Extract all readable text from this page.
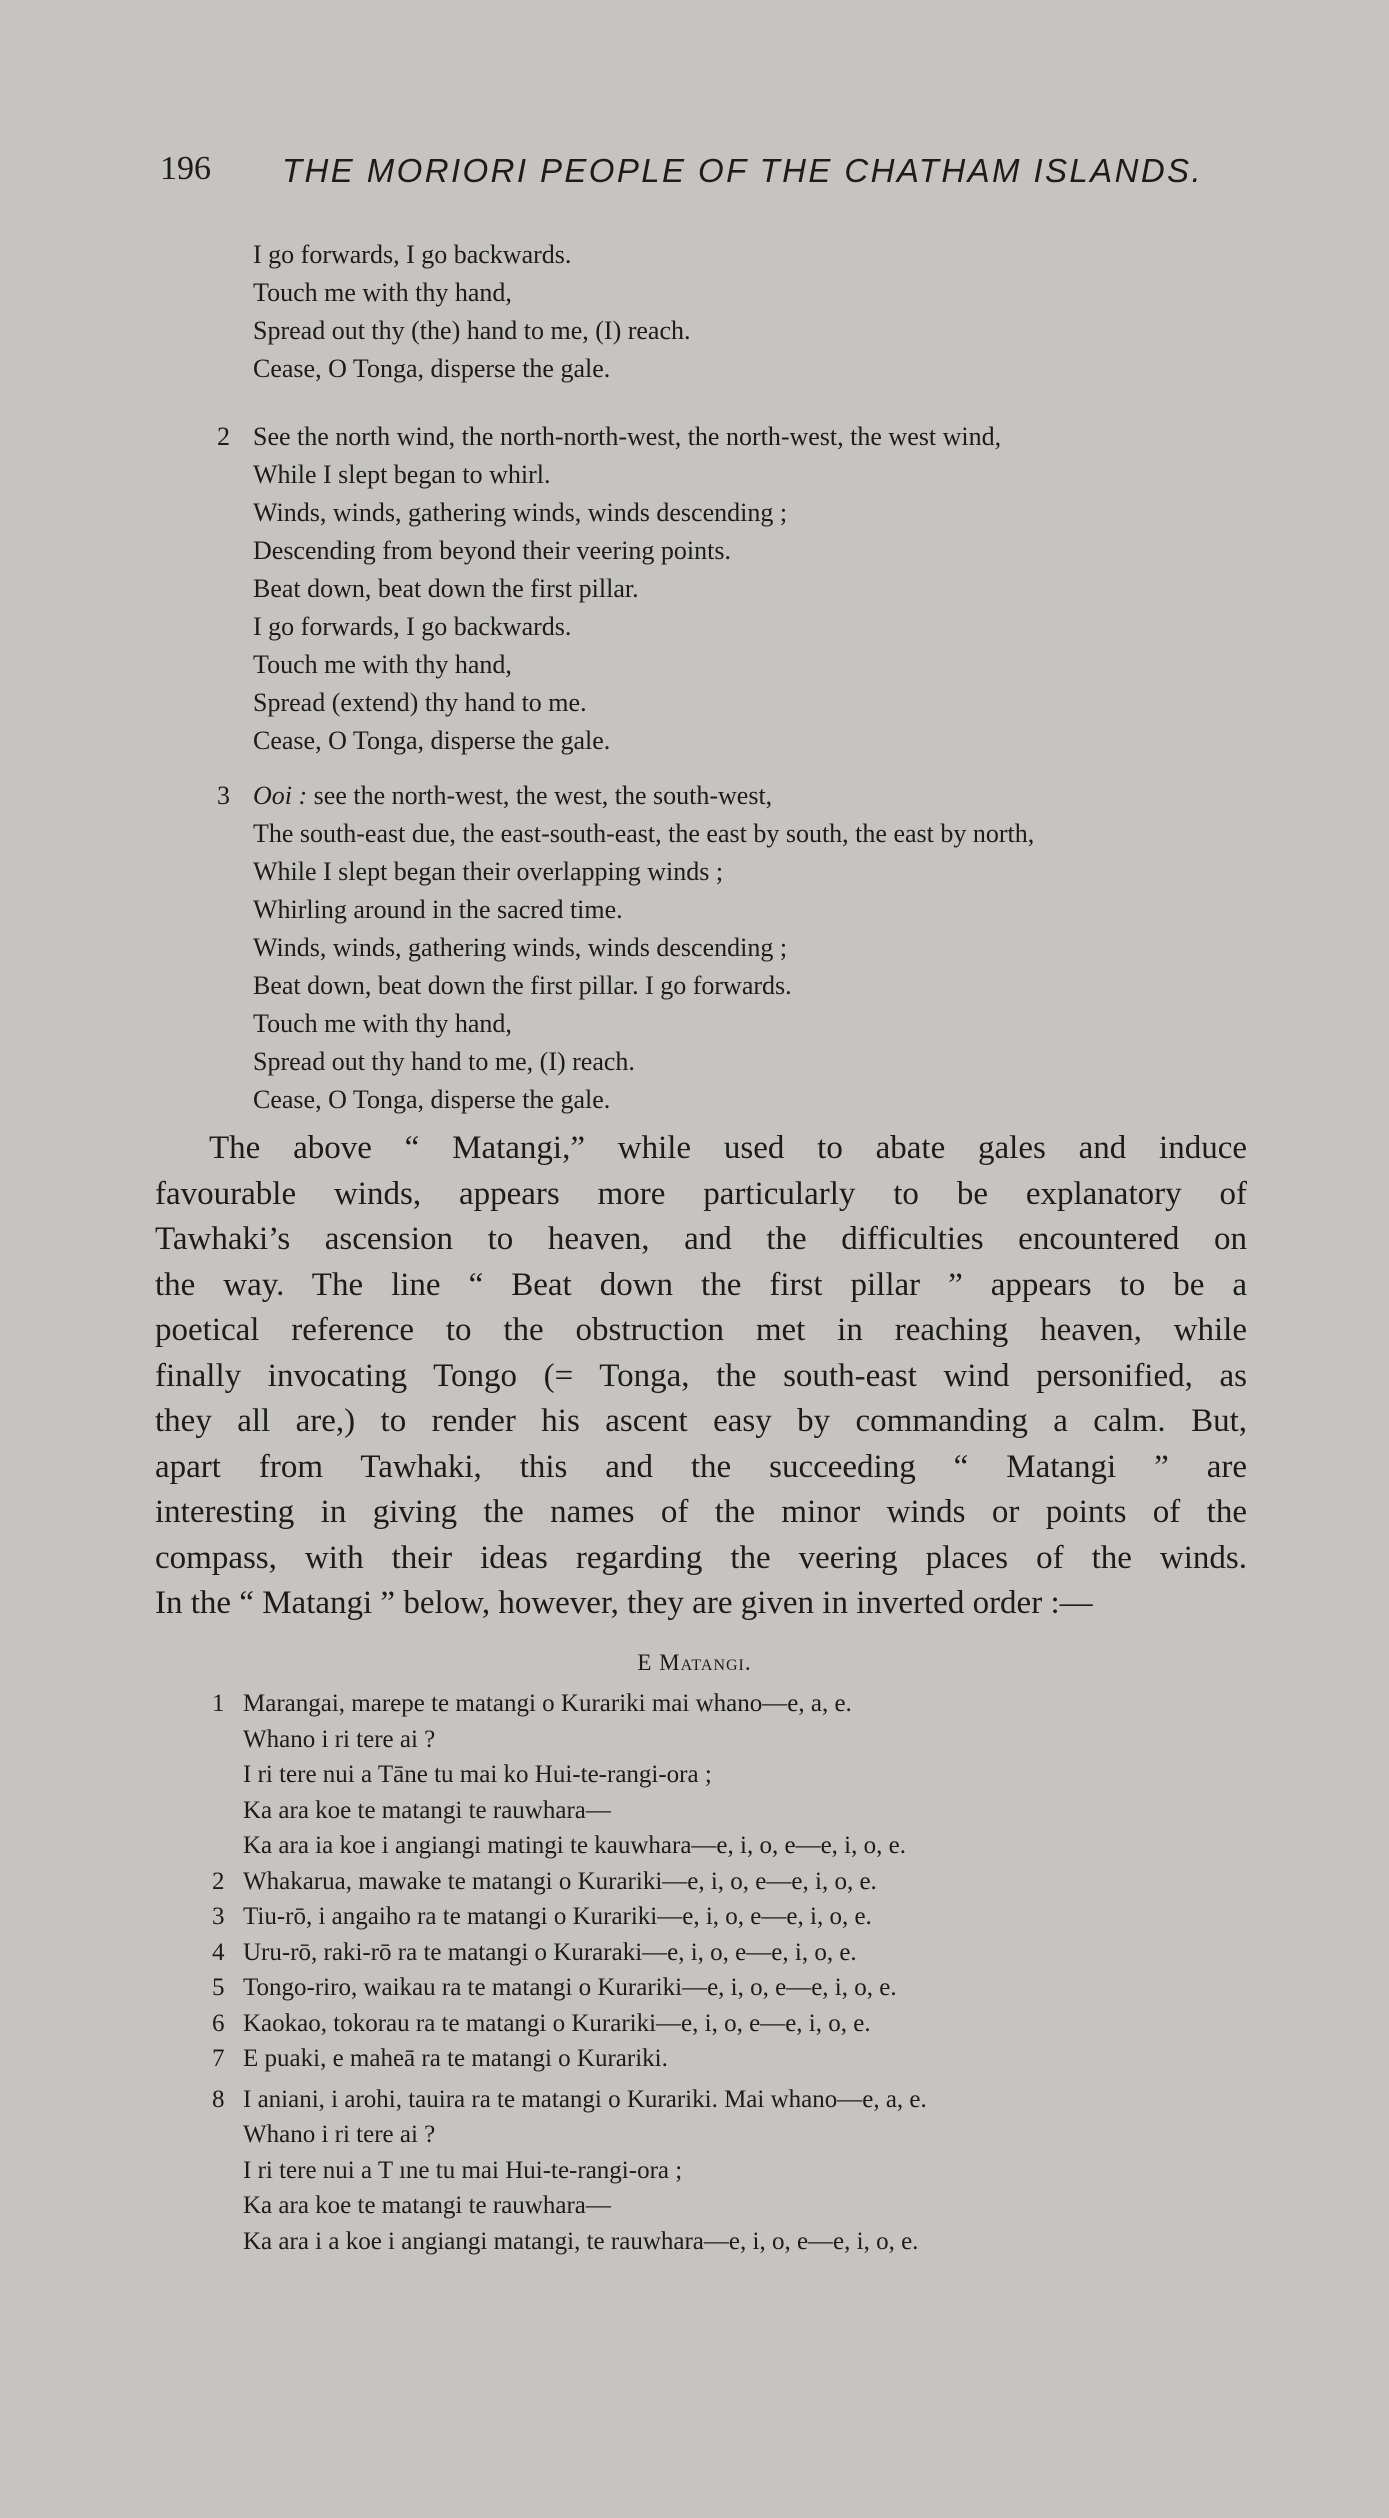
196 THE MORIORI PEOPLE OF THE CHATHAM ISLANDS.
I go forwards, I go backwards.
Touch me with thy hand,
Spread out thy (the) hand to me, (I) reach.
Cease, O Tonga, disperse the gale.
2 See the north wind, the north-north-west, the north-west, the west wind,
While I slept began to whirl.
Winds, winds, gathering winds, winds descending ;
Descending from beyond their veering points.
Beat down, beat down the first pillar.
I go forwards, I go backwards.
Touch me with thy hand,
Spread (extend) thy hand to me.
Cease, O Tonga, disperse the gale.
3 Ooi : see the north-west, the west, the south-west,
The south-east due, the east-south-east, the east by south, the east by north,
While I slept began their overlapping winds ;
Whirling around in the sacred time.
Winds, winds, gathering winds, winds descending ;
Beat down, beat down the first pillar. I go forwards.
Touch me with thy hand,
Spread out thy hand to me, (I) reach.
Cease, O Tonga, disperse the gale.
The above “ Matangi,” while used to abate gales and induce
favourable winds, appears more particularly to be explanatory of
Tawhaki’s ascension to heaven, and the difficulties encountered on
the way. The line “ Beat down the first pillar ” appears to be a
poetical reference to the obstruction met in reaching heaven, while
finally invocating Tongo (= Tonga, the south-east wind personified, as
they all are,) to render his ascent easy by commanding a calm. But,
apart from Tawhaki, this and the succeeding “ Matangi ” are
interesting in giving the names of the minor winds or points of the
compass, with their ideas regarding the veering places of the winds.
In the “ Matangi ” below, however, they are given in inverted order :—
E Matangi.
1 Marangai, marepe te matangi o Kurariki mai whano—e, a, e.
Whano i ri tere ai ?
I ri tere nui a Tāne tu mai ko Hui-te-rangi-ora ;
Ka ara koe te matangi te rauwhara—
Ka ara ia koe i angiangi matingi te kauwhara—e, i, o, e—e, i, o, e.
2 Whakarua, mawake te matangi o Kurariki—e, i, o, e—e, i, o, e.
3 Tiu-rō, i angaiho ra te matangi o Kurariki—e, i, o, e—e, i, o, e.
4 Uru-rō, raki-rō ra te matangi o Kuraraki—e, i, o, e—e, i, o, e.
5 Tongo-riro, waikau ra te matangi o Kurariki—e, i, o, e—e, i, o, e.
6 Kaokao, tokorau ra te matangi o Kurariki—e, i, o, e—e, i, o, e.
7 E puaki, e maheā ra te matangi o Kurariki.
8 I aniani, i arohi, tauira ra te matangi o Kurariki. Mai whano—e, a, e.
Whano i ri tere ai ?
I ri tere nui a T ıne tu mai Hui-te-rangi-ora ;
Ka ara koe te matangi te rauwhara—
Ka ara i a koe i angiangi matangi, te rauwhara—e, i, o, e—e, i, o, e.
